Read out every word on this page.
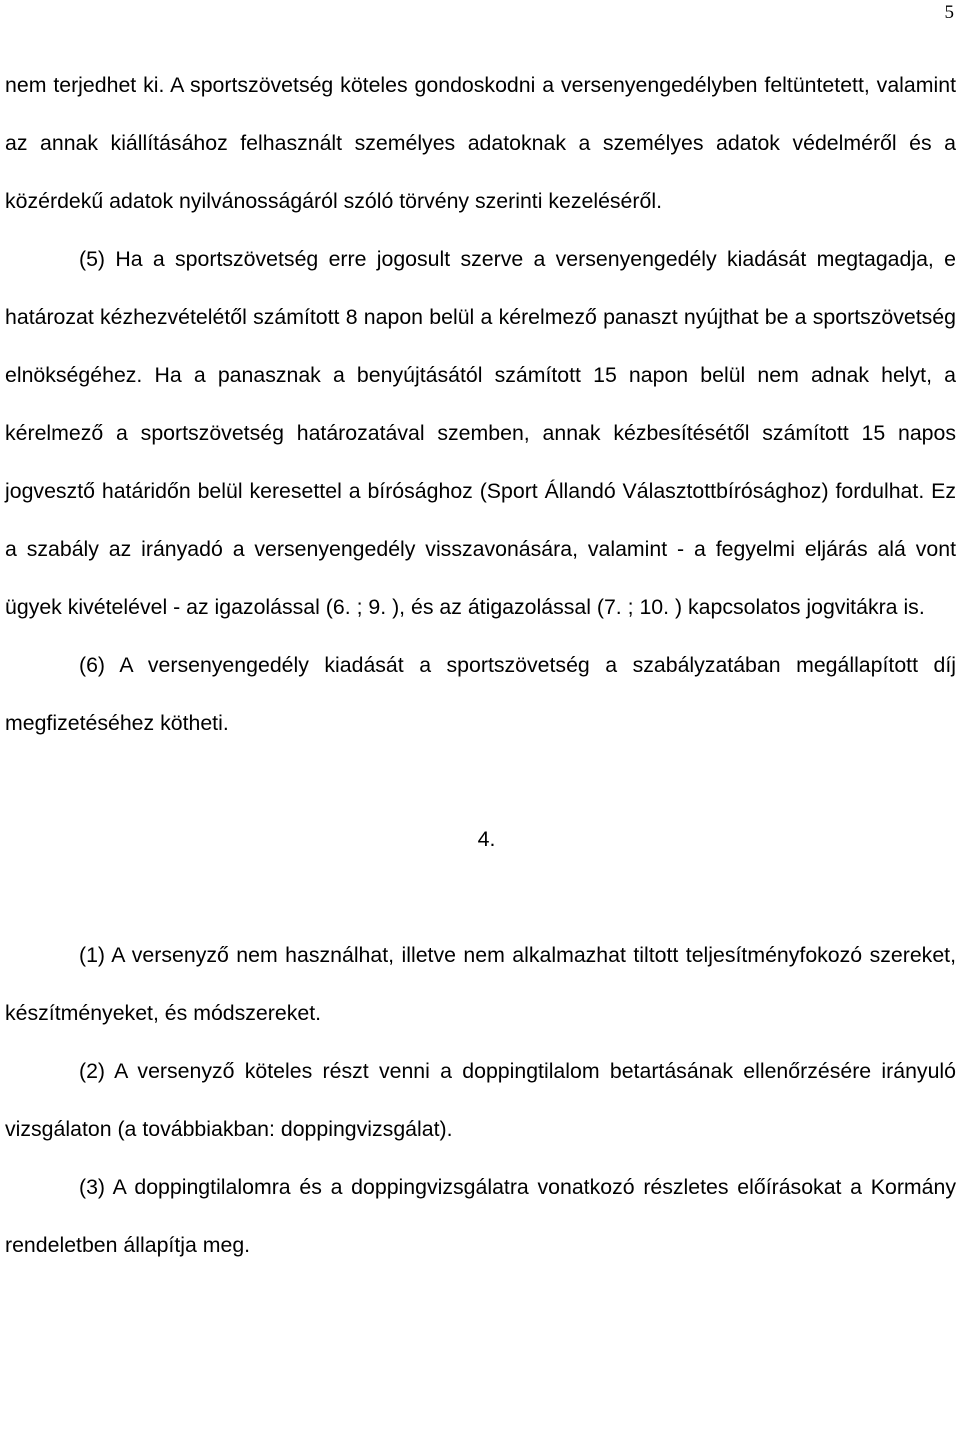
5

nem terjedhet ki. A sportszövetség köteles gondoskodni a versenyengedélyben feltüntetett, valamint az annak kiállításához felhasznált személyes adatoknak a személyes adatok védelméről és a közérdekű adatok nyilvánosságáról szóló törvény szerinti kezeléséről.

(5) Ha a sportszövetség erre jogosult szerve a versenyengedély kiadását megtagadja, e határozat kézhezvételétől számított 8 napon belül a kérelmező panaszt nyújthat be a sportszövetség elnökségéhez. Ha a panasznak a benyújtásától számított 15 napon belül nem adnak helyt, a kérelmező a sportszövetség határozatával szemben, annak kézbesítésétől számított 15 napos jogvesztő határidőn belül keresettel a bírósághoz (Sport Állandó Választottbírósághoz) fordulhat. Ez a szabály az irányadó a versenyengedély visszavonására, valamint - a fegyelmi eljárás alá vont ügyek kivételével - az igazolással (6. ; 9. ), és az átigazolással (7. ; 10. ) kapcsolatos jogvitákra is.

(6) A versenyengedély kiadását a sportszövetség a szabályzatában megállapított díj megfizetéséhez kötheti.

4.

(1) A versenyző nem használhat, illetve nem alkalmazhat tiltott teljesítményfokozó szereket, készítményeket, és módszereket.

(2) A versenyző köteles részt venni a doppingtilalom betartásának ellenőrzésére irányuló vizsgálaton (a továbbiakban: doppingvizsgálat).

(3) A doppingtilalomra és a doppingvizsgálatra vonatkozó részletes előírásokat a Kormány rendeletben állapítja meg.
